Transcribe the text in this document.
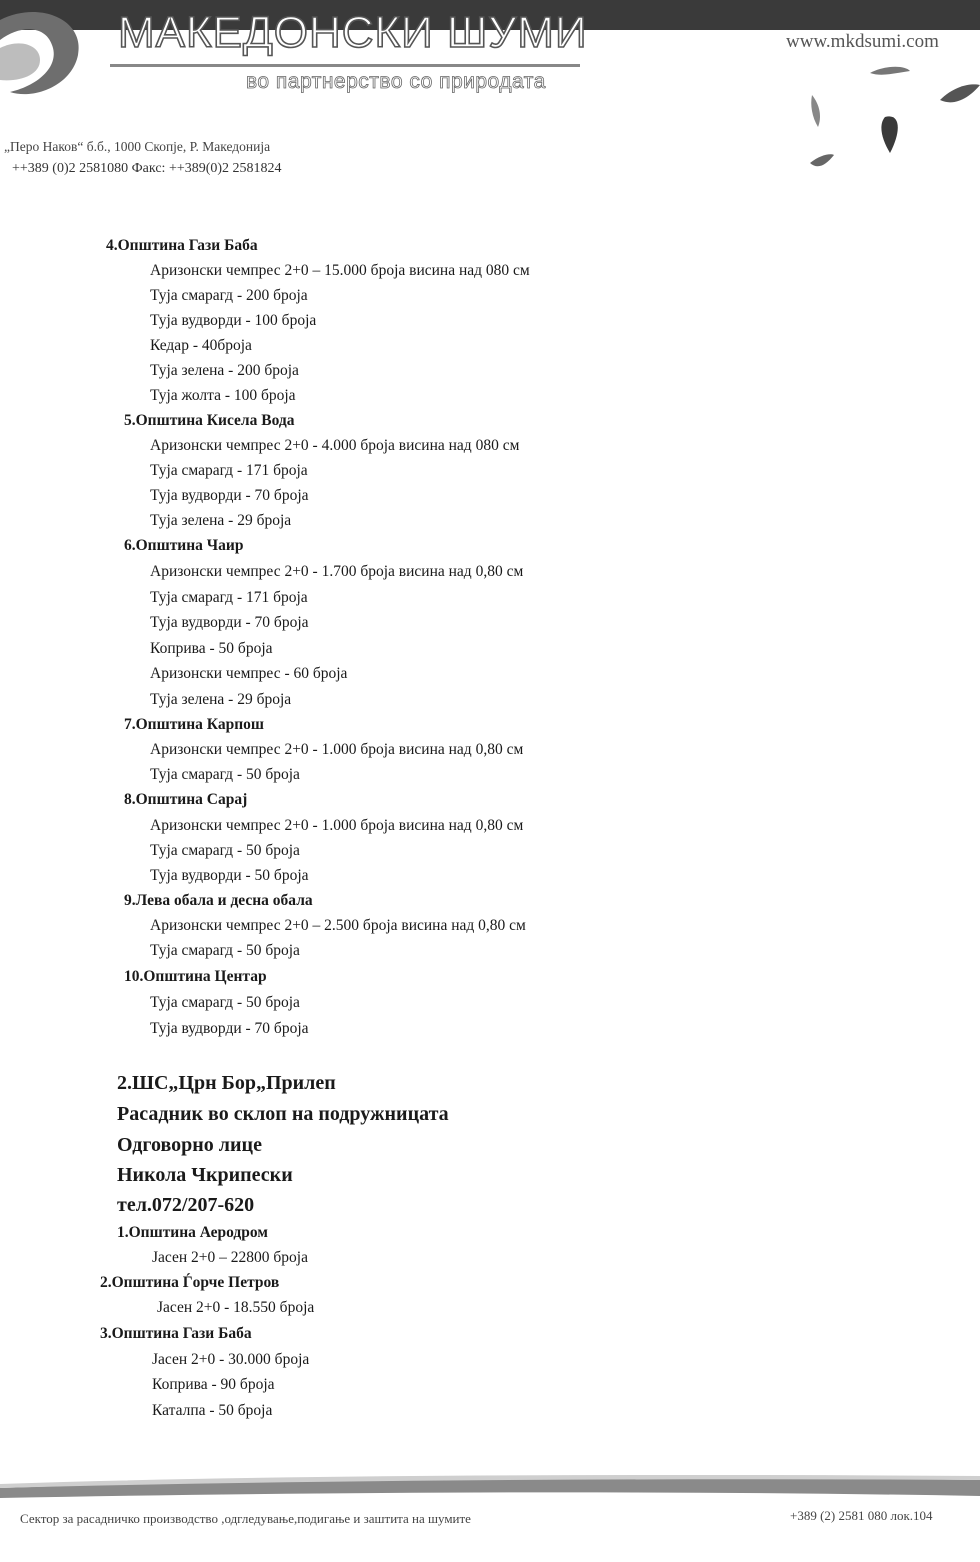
МАКЕДОНСКИ ШУМИ
во партнерство со природата
www.mkdsumi.com
„Перо Наков“ б.б., 1000 Скопје, Р. Македонија
++389 (0)2 2581080 Факс: ++389(0)2 2581824
4.Општина Гази Баба
Аризонски чемпрес 2+0 – 15.000 броја висина над 080 см
Туја смарагд - 200 броја
Туја вудворди - 100 броја
Кедар - 40броја
Туја зелена - 200 броја
Туја жолта - 100 броја
5.Општина Кисела Вода
Аризонски чемпрес 2+0 - 4.000 броја висина над 080 см
Туја смарагд - 171 броја
Туја вудворди - 70 броја
Туја зелена - 29 броја
6.Општина Чаир
Аризонски чемпрес 2+0 - 1.700 броја висина над 0,80 см
Туја смарагд - 171 броја
Туја вудворди - 70 броја
Коприва - 50 броја
Аризонски чемпрес - 60 броја
Туја зелена - 29 броја
7.Општина Карпош
Аризонски чемпрес 2+0 - 1.000 броја висина над 0,80 см
Туја смарагд - 50 броја
8.Општина Сарај
Аризонски чемпрес 2+0 - 1.000 броја висина над 0,80 см
Туја смарагд - 50 броја
Туја вудворди - 50 броја
9.Лева обала и десна обала
Аризонски чемпрес 2+0 – 2.500 броја висина над 0,80 см
Туја смарагд - 50 броја
10.Општина Центар
Туја смарагд - 50 броја
Туја вудворди - 70 броја
2.ШС„Црн Бор„Прилеп
Расадник во склоп на подружницата
Одговорно лице
Никола Чкрипески
тел.072/207-620
1.Општина Аеродром
Јасен 2+0 – 22800 броја
2.Општина Ѓорче Петров
Јасен 2+0 - 18.550 броја
3.Општина Гази Баба
Јасен 2+0 - 30.000 броја
Коприва - 90 броја
Каталпа - 50 броја
Сектор за расадничко производство ,одгледување,подигање и заштита на шумите	+389 (2) 2581 080 лок.104
